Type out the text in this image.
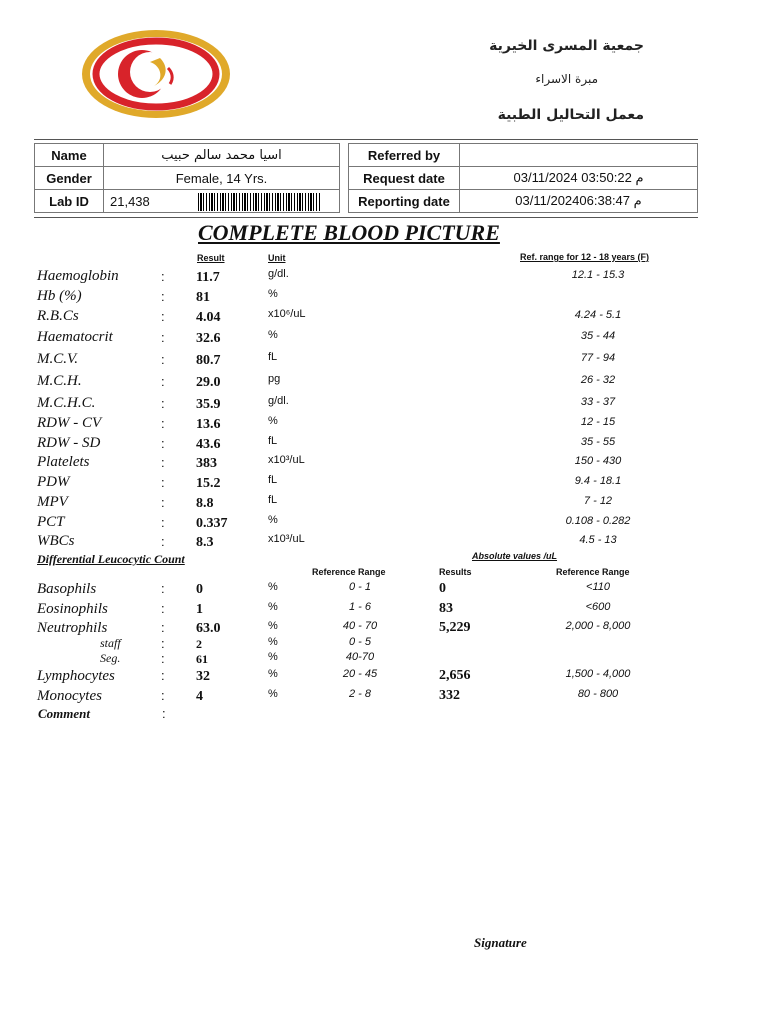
جمعية المسرى الخيرية
مبرة الاسراء
معمل التحاليل الطبية
Name	اسيا محمد سالم حبيب
Gender	Female, 14 Yrs.
Lab ID	21,438
Referred by	
Request date	03/11/2024 03:50:22 م
Reporting date	03/11/2024م 06:38:47
COMPLETE BLOOD PICTURE
Result	Unit	Ref. range for 12 - 18 years (F)
Haemoglobin	: 11.7	g/dl.	12.1 - 15.3
Hb (%)	: 81	%
R.B.Cs	: 4.04	x10⁶/uL	4.24 - 5.1
Haematocrit	: 32.6	%	35 - 44
M.C.V.	: 80.7	fL	77 - 94
M.C.H.	: 29.0	pg	26 - 32
M.C.H.C.	: 35.9	g/dl.	33 - 37
RDW - CV	: 13.6	%	12 - 15
RDW - SD	: 43.6	fL	35 - 55
Platelets	: 383	x10³/uL	150 - 430
PDW	: 15.2	fL	9.4 - 18.1
MPV	: 8.8	fL	7 - 12
PCT	: 0.337	%	0.108 - 0.282
WBCs	: 8.3	x10³/uL	4.5 - 13
Differential Leucocytic Count	Absolute values /uL
Reference Range	Results	Reference Range
Basophils	: 0	%	0 - 1	0	<110
Eosinophils	: 1	%	1 - 6	83	<600
Neutrophils	: 63.0	%	40 - 70	5,229	2,000 - 8,000
staff	:	2	%	0 - 5
Seg.	:	61	%	40-70
Lymphocytes	: 32	%	20 - 45	2,656	1,500 - 4,000
Monocytes	: 4	%	2 - 8	332	80 - 800
Comment	:
Signature
